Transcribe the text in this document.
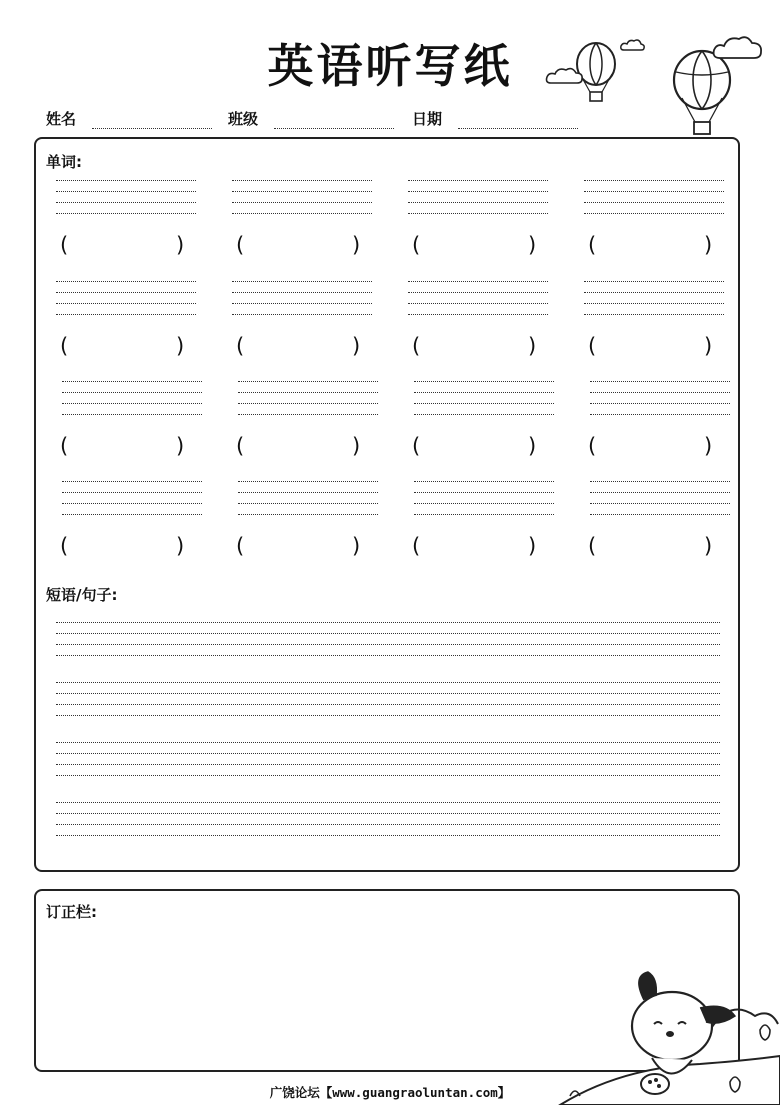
英语听写纸
姓名	班级	日期
单词:
短语/句子:
(	) (	) (	) (	)
(	) (	) (	) (	)
(	) (	) (	) (	)
(	) (	) (	) (	)
订正栏:
广饶论坛【www.guangraoluntan.com】
